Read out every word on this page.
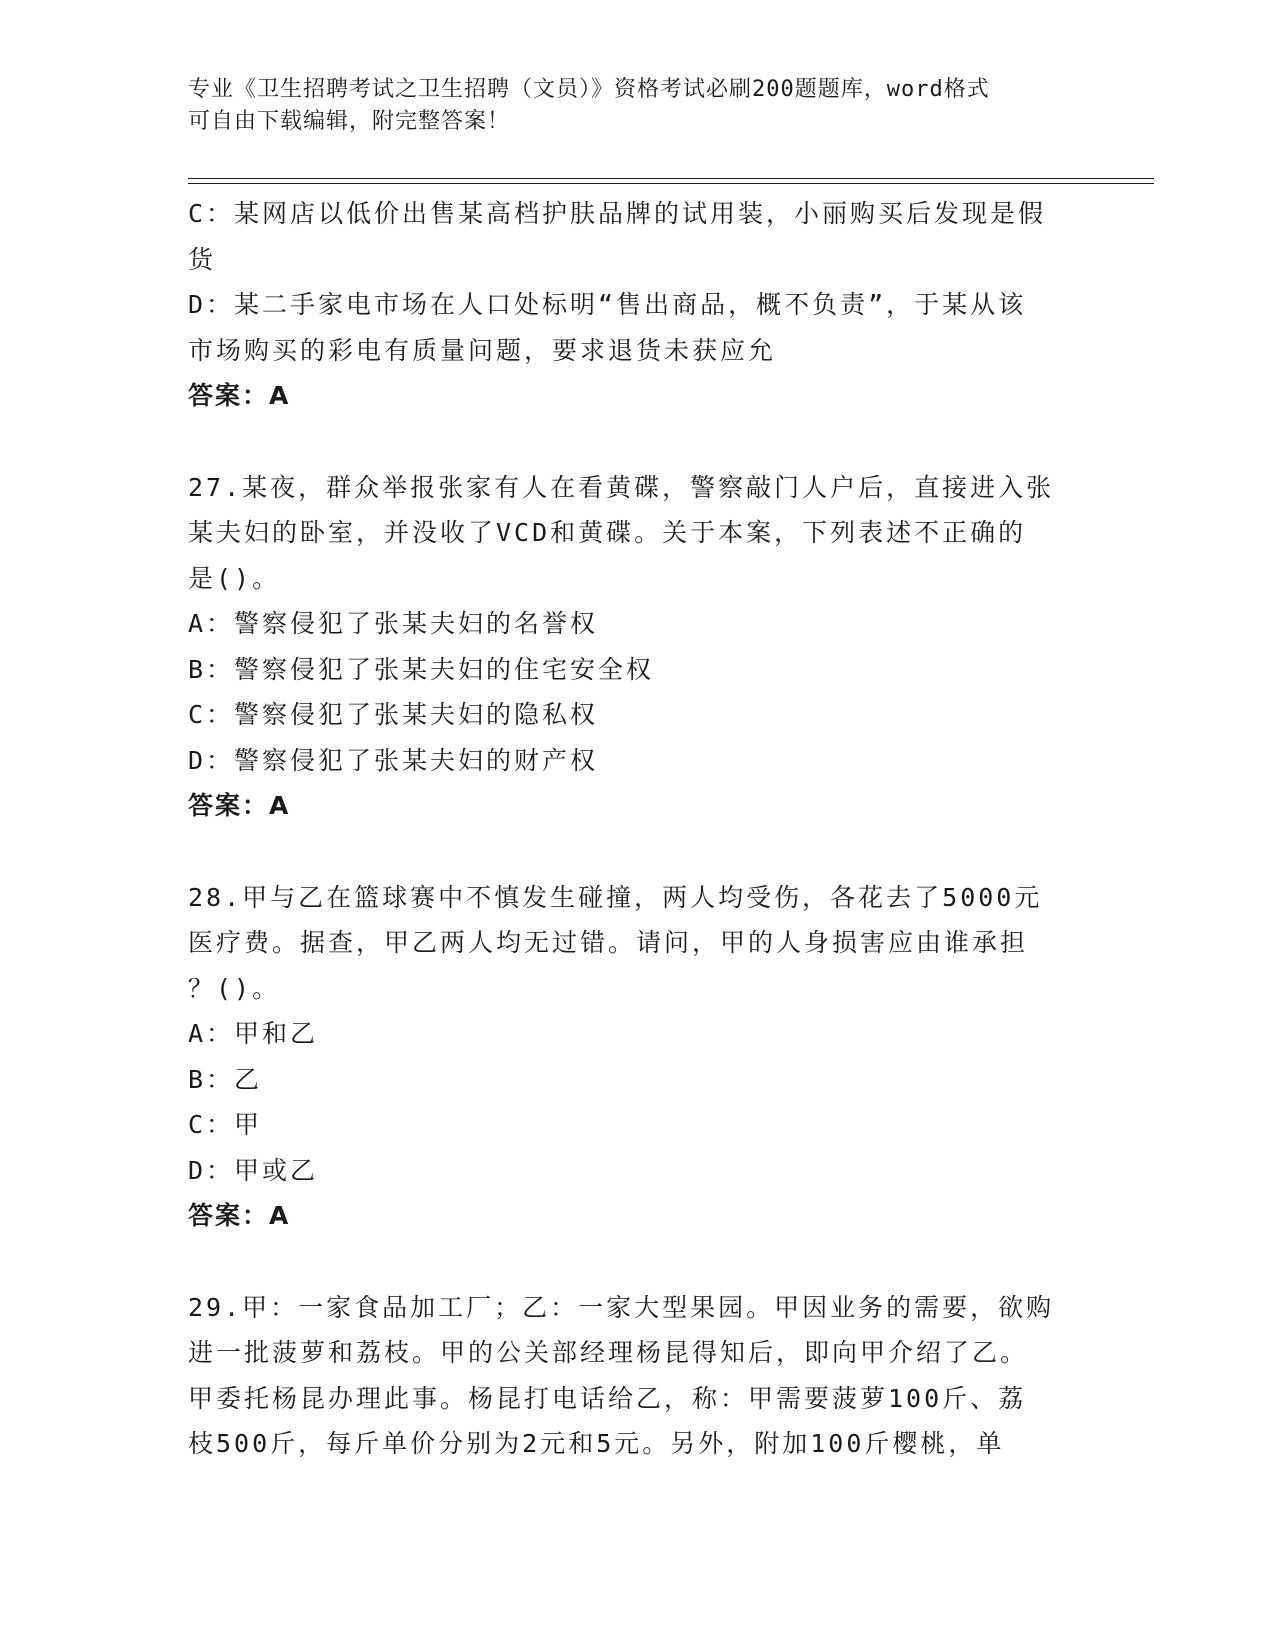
专业《卫生招聘考试之卫生招聘（文员）》资格考试必刷200题题库，word格式
可自由下载编辑，附完整答案！
C：某网店以低价出售某高档护肤品牌的试用装，小丽购买后发现是假
货
D：某二手家电市场在人口处标明“售出商品，概不负责”，于某从该
市场购买的彩电有质量问题，要求退货未获应允
答案：A
27.某夜，群众举报张家有人在看黄碟，警察敲门人户后，直接进入张
某夫妇的卧室，并没收了VCD和黄碟。关于本案，下列表述不正确的
是()。
A：警察侵犯了张某夫妇的名誉权
B：警察侵犯了张某夫妇的住宅安全权
C：警察侵犯了张某夫妇的隐私权
D：警察侵犯了张某夫妇的财产权
答案：A
28.甲与乙在篮球赛中不慎发生碰撞，两人均受伤，各花去了5000元
医疗费。据查，甲乙两人均无过错。请问，甲的人身损害应由谁承担
？()。
A：甲和乙
B：乙
C：甲
D：甲或乙
答案：A
29.甲：一家食品加工厂；乙：一家大型果园。甲因业务的需要，欲购
进一批菠萝和荔枝。甲的公关部经理杨昆得知后，即向甲介绍了乙。
甲委托杨昆办理此事。杨昆打电话给乙，称：甲需要菠萝100斤、荔
枝500斤，每斤单价分别为2元和5元。另外，附加100斤樱桃，单
